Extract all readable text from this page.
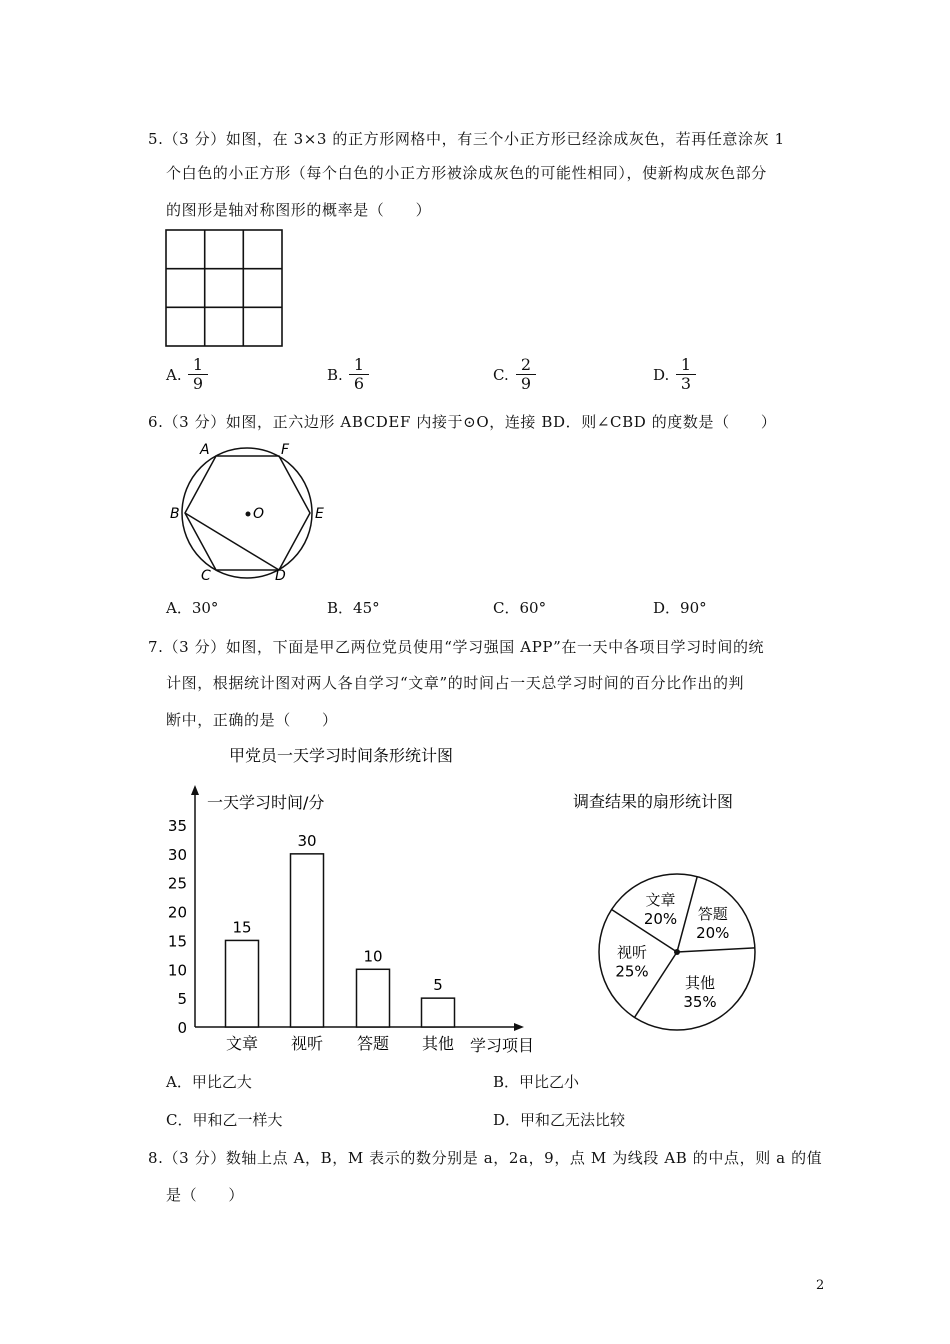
5.（3 分）如图，在 3×3 的正方形网格中，有三个小正方形已经涂成灰色，若再任意涂灰 1
个白色的小正方形（每个白色的小正方形被涂成灰色的可能性相同），使新构成灰色部分
的图形是轴对称图形的概率是（　　）
A. $\frac{1}{9}$	B. $\frac{1}{6}$	C. $\frac{2}{9}$	D. $\frac{1}{3}$
6.（3 分）如图，正六边形 ABCDEF 内接于⊙O，连接 BD．则∠CBD 的度数是（　　）
A	F
B	E
O
C	D
A．30°	B．45°	C．60°	D．90°
7.（3 分）如图，下面是甲乙两位党员使用“学习强国 APP”在一天中各项目学习时间的统
计图，根据统计图对两人各自学习“文章”的时间占一天总学习时间的百分比作出的判
断中，正确的是（　　）
甲党员一天学习时间条形统计图
一天学习时间/分
学习项目
0
5
10
15
20
25
30
35
15
文章
30
视听
10
答题
5
其他
调查结果的扇形统计图
答题
20%
其他
35%
视听
25%
文章
20%
A．甲比乙大	B．甲比乙小
C．甲和乙一样大	D．甲和乙无法比较
8.（3 分）数轴上点 A，B，M 表示的数分别是 a，2a，9，点 M 为线段 AB 的中点，则 a 的值
是（　　）
2
